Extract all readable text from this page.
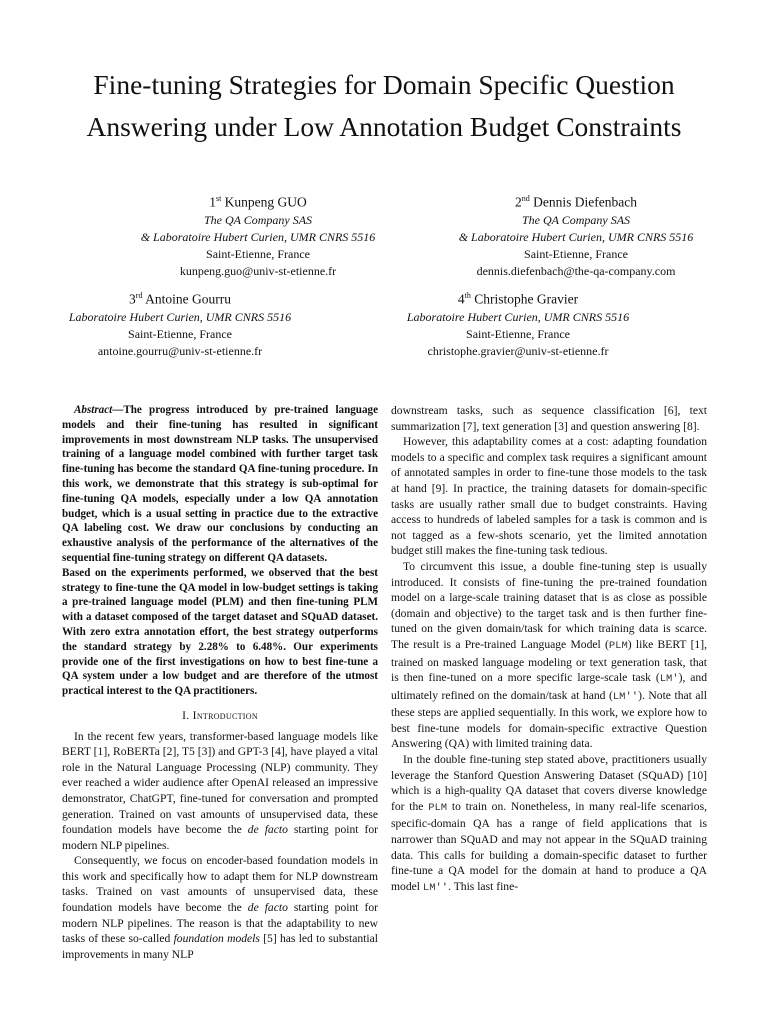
Fine-tuning Strategies for Domain Specific Question Answering under Low Annotation Budget Constraints
1st Kunpeng GUO
The QA Company SAS
& Laboratoire Hubert Curien, UMR CNRS 5516
Saint-Etienne, France
kunpeng.guo@univ-st-etienne.fr
2nd Dennis Diefenbach
The QA Company SAS
& Laboratoire Hubert Curien, UMR CNRS 5516
Saint-Etienne, France
dennis.diefenbach@the-qa-company.com
3rd Antoine Gourru
Laboratoire Hubert Curien, UMR CNRS 5516
Saint-Etienne, France
antoine.gourru@univ-st-etienne.fr
4th Christophe Gravier
Laboratoire Hubert Curien, UMR CNRS 5516
Saint-Etienne, France
christophe.gravier@univ-st-etienne.fr
Abstract—The progress introduced by pre-trained language models and their fine-tuning has resulted in significant improvements in most downstream NLP tasks. The unsupervised training of a language model combined with further target task fine-tuning has become the standard QA fine-tuning procedure. In this work, we demonstrate that this strategy is sub-optimal for fine-tuning QA models, especially under a low QA annotation budget, which is a usual setting in practice due to the extractive QA labeling cost. We draw our conclusions by conducting an exhaustive analysis of the performance of the alternatives of the sequential fine-tuning strategy on different QA datasets.
Based on the experiments performed, we observed that the best strategy to fine-tune the QA model in low-budget settings is taking a pre-trained language model (PLM) and then fine-tuning PLM with a dataset composed of the target dataset and SQuAD dataset. With zero extra annotation effort, the best strategy outperforms the standard strategy by 2.28% to 6.48%. Our experiments provide one of the first investigations on how to best fine-tune a QA system under a low budget and are therefore of the utmost practical interest to the QA practitioners.
I. Introduction

In the recent few years, transformer-based language models like BERT [1], RoBERTa [2], T5 [3]) and GPT-3 [4], have played a vital role in the Natural Language Processing (NLP) community. They ever reached a wider audience after OpenAI released an impressive demonstrator, ChatGPT, fine-tuned for conversation and prompted generation. Trained on vast amounts of unsupervised data, these foundation models have become the de facto starting point for modern NLP pipelines.

Consequently, we focus on encoder-based foundation models in this work and specifically how to adapt them for NLP downstream tasks. Trained on vast amounts of unsupervised data, these foundation models have become the de facto starting point for modern NLP pipelines. The reason is that the adaptability to new tasks of these so-called foundation models [5] has led to substantial improvements in many NLP

downstream tasks, such as sequence classification [6], text summarization [7], text generation [3] and question answering [8].

However, this adaptability comes at a cost: adapting foundation models to a specific and complex task requires a significant amount of annotated samples in order to fine-tune those models to the task at hand [9]. In practice, the training datasets for domain-specific tasks are usually rather small due to budget constraints. Having access to hundreds of labeled samples for a task is common and is not tagged as a few-shots scenario, yet the limited annotation budget still makes the fine-tuning task tedious.

To circumvent this issue, a double fine-tuning step is usually introduced. It consists of fine-tuning the pre-trained foundation model on a large-scale training dataset that is as close as possible (domain and objective) to the target task and is then further fine-tuned on the given domain/task for which training data is scarce. The result is a Pre-trained Language Model (PLM) like BERT [1], trained on masked language modeling or text generation task, that is then fine-tuned on a more specific large-scale task (LM'), and ultimately refined on the domain/task at hand (LM''). Note that all these steps are applied sequentially. In this work, we explore how to best fine-tune models for domain-specific extractive Question Answering (QA) with limited training data.

In the double fine-tuning step stated above, practitioners usually leverage the Stanford Question Answering Dataset (SQuAD) [10] which is a high-quality QA dataset that covers diverse knowledge for the PLM to train on. Nonetheless, in many real-life scenarios, specific-domain QA has a range of field applications that is narrower than SQuAD and may not appear in the SQuAD training data. This calls for building a domain-specific dataset to further fine-tune a QA model for the domain at hand to produce a QA model LM''. This last fine-
